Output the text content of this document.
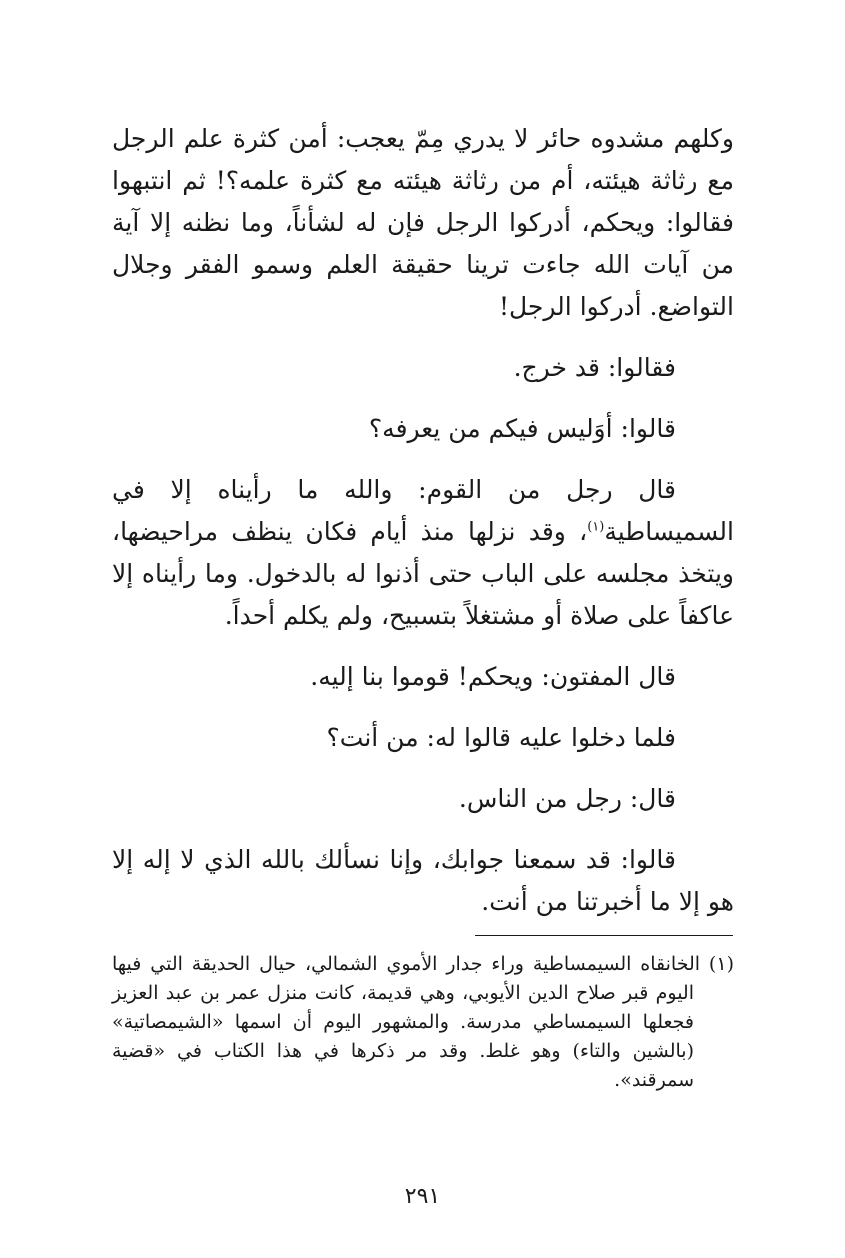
وكلهم مشدوه حائر لا يدري مِمّ يعجب: أمن كثرة علم الرجل مع رثاثة هيئته، أم من رثاثة هيئته مع كثرة علمه؟! ثم انتبهوا فقالوا: ويحكم، أدركوا الرجل فإن له لشأناً، وما نظنه إلا آية من آيات الله جاءت ترينا حقيقة العلم وسمو الفقر وجلال التواضع. أدركوا الرجل!

فقالوا: قد خرج.

قالوا: أوَليس فيكم من يعرفه؟

قال رجل من القوم: والله ما رأيناه إلا في السميساطية$^{(١)}$، وقد نزلها منذ أيام فكان ينظف مراحيضها، ويتخذ مجلسه على الباب حتى أذنوا له بالدخول. وما رأيناه إلا عاكفاً على صلاة أو مشتغلاً بتسبيح، ولم يكلم أحداً.

قال المفتون: ويحكم! قوموا بنا إليه.

فلما دخلوا عليه قالوا له: من أنت؟

قال: رجل من الناس.

قالوا: قد سمعنا جوابك، وإنا نسألك بالله الذي لا إله إلا هو إلا ما أخبرتنا من أنت.

(١) الخانقاه السيمساطية وراء جدار الأموي الشمالي، حيال الحديقة التي فيها اليوم قبر صلاح الدين الأيوبي، وهي قديمة، كانت منزل عمر بن عبد العزيز فجعلها السيمساطي مدرسة. والمشهور اليوم أن اسمها «الشيمصاتية» (بالشين والتاء) وهو غلط. وقد مر ذكرها في هذا الكتاب في «قضية سمرقند».

٢٩١
